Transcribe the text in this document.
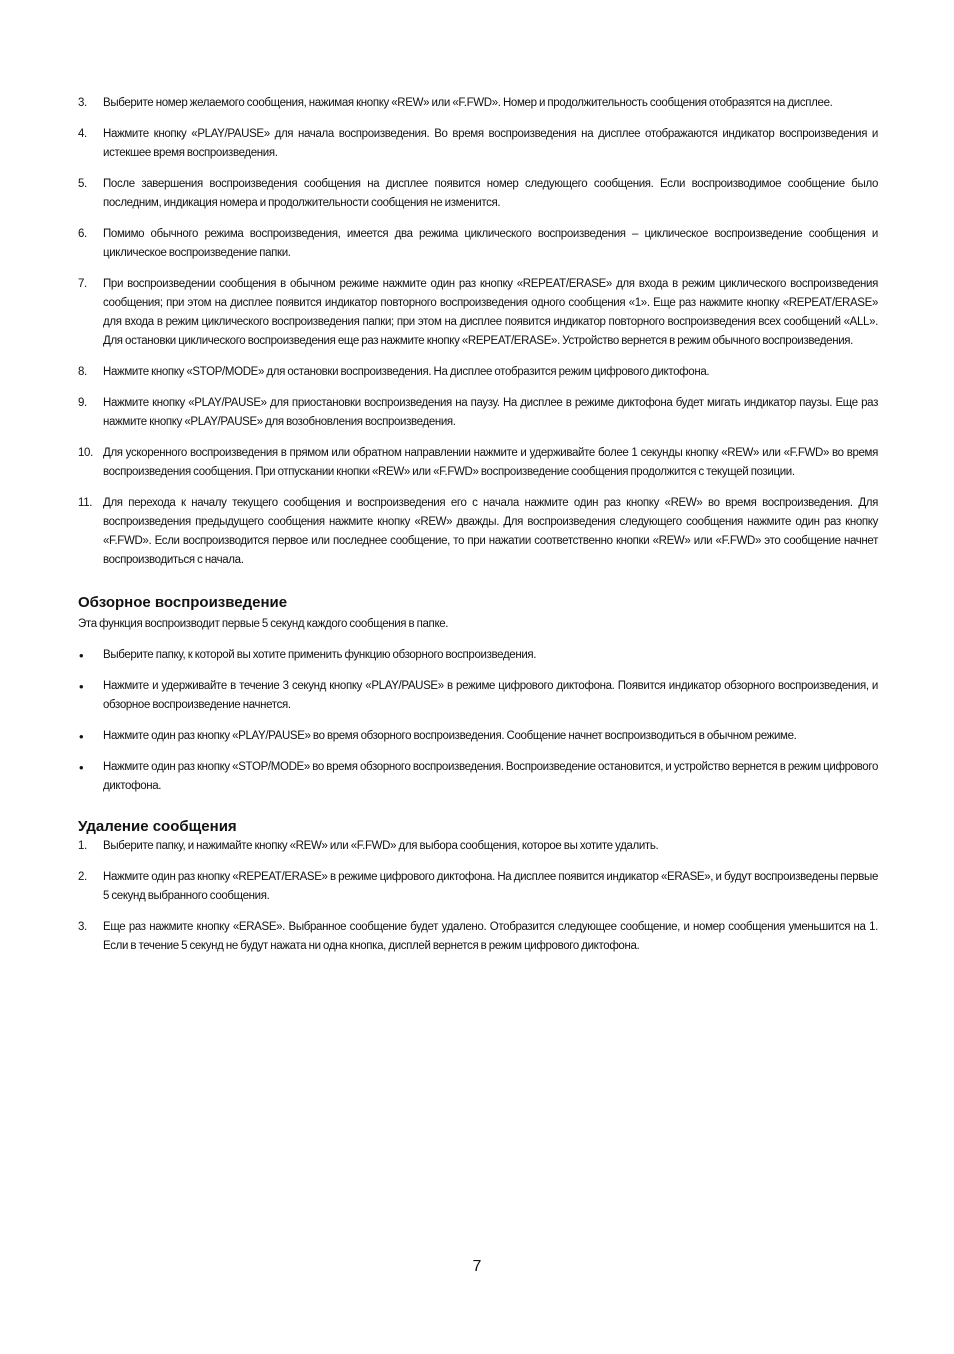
3.	Выберите номер желаемого сообщения, нажимая кнопку «REW» или «F.FWD». Номер и продолжительность сообщения отобразятся на дисплее.
4.	Нажмите кнопку «PLAY/PAUSE» для начала воспроизведения. Во время воспроизведения на дисплее отображаются индикатор воспроизведения и истекшее время воспроизведения.
5.	После завершения воспроизведения сообщения на дисплее появится номер следующего сообщения. Если воспроизводимое сообщение было последним, индикация номера и продолжительности сообщения не изменится.
6.	Помимо обычного режима воспроизведения, имеется два режима циклического воспроизведения – циклическое воспроизведение сообщения и циклическое воспроизведение папки.
7.	При воспроизведении сообщения в обычном режиме нажмите один раз кнопку «REPEAT/ERASE» для входа в режим циклического воспроизведения сообщения; при этом на дисплее появится индикатор повторного воспроизведения одного сообщения «1». Еще раз нажмите кнопку «REPEAT/ERASE» для входа в режим циклического воспроизведения папки; при этом на дисплее появится индикатор повторного воспроизведения всех сообщений «ALL». Для остановки циклического воспроизведения еще раз нажмите кнопку «REPEAT/ERASE». Устройство вернется в режим обычного воспроизведения.
8.	Нажмите кнопку «STOP/MODE» для остановки воспроизведения. На дисплее отобразится режим цифрового диктофона.
9.	Нажмите кнопку «PLAY/PAUSE» для приостановки воспроизведения на паузу. На дисплее в режиме диктофона будет мигать индикатор паузы. Еще раз нажмите кнопку «PLAY/PAUSE» для возобновления воспроизведения.
10. Для ускоренного воспроизведения в прямом или обратном направлении нажмите и удерживайте более 1 секунды кнопку «REW» или «F.FWD» во время воспроизведения сообщения. При отпускании кнопки «REW» или «F.FWD» воспроизведение сообщения продолжится с текущей позиции.
11. Для перехода к началу текущего сообщения и воспроизведения его с начала нажмите один раз кнопку «REW» во время воспроизведения. Для воспроизведения предыдущего сообщения нажмите кнопку «REW» дважды. Для воспроизведения следующего сообщения нажмите один раз кнопку «F.FWD». Если воспроизводится первое или последнее сообщение, то при нажатии соответственно кнопки «REW» или «F.FWD» это сообщение начнет воспроизводиться с начала.
Обзорное воспроизведение
Эта функция воспроизводит первые 5 секунд каждого сообщения в папке.
• Выберите папку, к которой вы хотите применить функцию обзорного воспроизведения.
• Нажмите и удерживайте в течение 3 секунд кнопку «PLAY/PAUSE» в режиме цифрового диктофона. Появится индикатор обзорного воспроизведения, и обзорное воспроизведение начнется.
• Нажмите один раз кнопку «PLAY/PAUSE» во время обзорного воспроизведения. Сообщение начнет воспроизводиться в обычном режиме.
• Нажмите один раз кнопку «STOP/MODE» во время обзорного воспроизведения. Воспроизведение остановится, и устройство вернется в режим цифрового диктофона.
Удаление сообщения
1.	Выберите папку, и нажимайте кнопку «REW» или «F.FWD» для выбора сообщения, которое вы хотите удалить.
2.	Нажмите один раз кнопку «REPEAT/ERASE» в режиме цифрового диктофона. На дисплее появится индикатор «ERASE», и будут воспроизведены первые 5 секунд выбранного сообщения.
3.	Еще раз нажмите кнопку «ERASE». Выбранное сообщение будет удалено. Отобразится следующее сообщение, и номер сообщения уменьшится на 1. Если в течение 5 секунд не будут нажата ни одна кнопка, дисплей вернется в режим цифрового диктофона.
7
